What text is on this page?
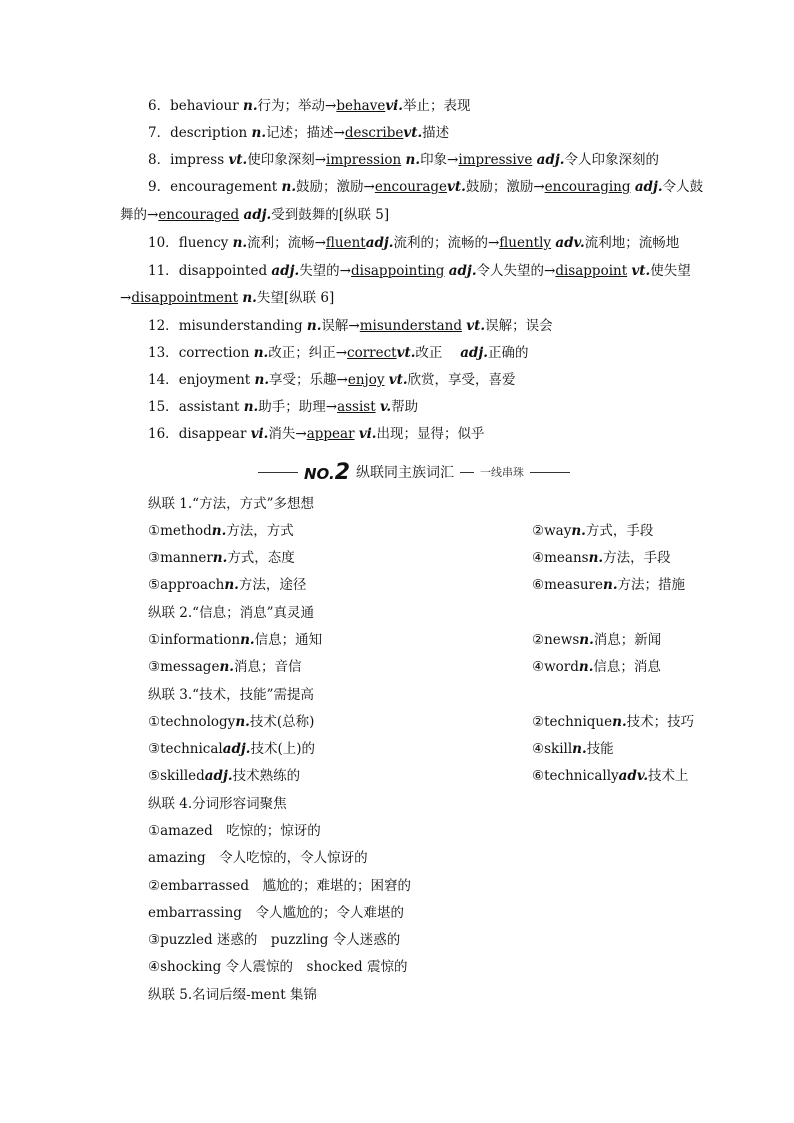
6．behaviour n.行为；举动→behavevi.举止；表现
7．description n.记述；描述→describevt.描述
8．impress vt.使印象深刻→impression n.印象→impressive adj.令人印象深刻的
9．encouragement n.鼓励；激励→encouragevt.鼓励；激励→encouraging adj.令人鼓
舞的→encouraged adj.受到鼓舞的[纵联 5]
10．fluency n.流利；流畅→fluentadj.流利的；流畅的→fluently adv.流利地；流畅地
11．disappointed adj.失望的→disappointing adj.令人失望的→disappoint vt.使失望
→disappointment n.失望[纵联 6]
12．misunderstanding n.误解→misunderstand vt.误解；误会
13．correction n.改正；纠正→correctvt.改正　 adj.正确的
14．enjoyment n.享受；乐趣→enjoy vt.欣赏，享受，喜爱
15．assistant n.助手；助理→assist v.帮助
16．disappear vi.消失→appear vi.出现；显得；似乎
NO.2 纵联同主族词汇 一线串珠
纵联 1.“方法，方式”多想想
①methodn.方法，方式	②wayn.方式，手段
③mannern.方式，态度	④meansn.方法，手段
⑤approachn.方法，途径	⑥measuren.方法；措施
纵联 2.“信息；消息”真灵通
①informationn.信息；通知	②newsn.消息；新闻
③messagen.消息；音信	④wordn.信息；消息
纵联 3.“技术，技能”需提高
①technologyn.技术(总称)	②techniquen.技术；技巧
③technicaladj.技术(上)的	④skilln.技能
⑤skilledadj.技术熟练的	⑥technicallyadv.技术上
纵联 4.分词形容词聚焦
①amazed　吃惊的；惊讶的
amazing　令人吃惊的，令人惊讶的
②embarrassed　尴尬的；难堪的；困窘的
embarrassing　令人尴尬的；令人难堪的
③puzzled 迷惑的　puzzling 令人迷惑的
④shocking 令人震惊的　shocked 震惊的
纵联 5.名词后缀-ment 集锦
